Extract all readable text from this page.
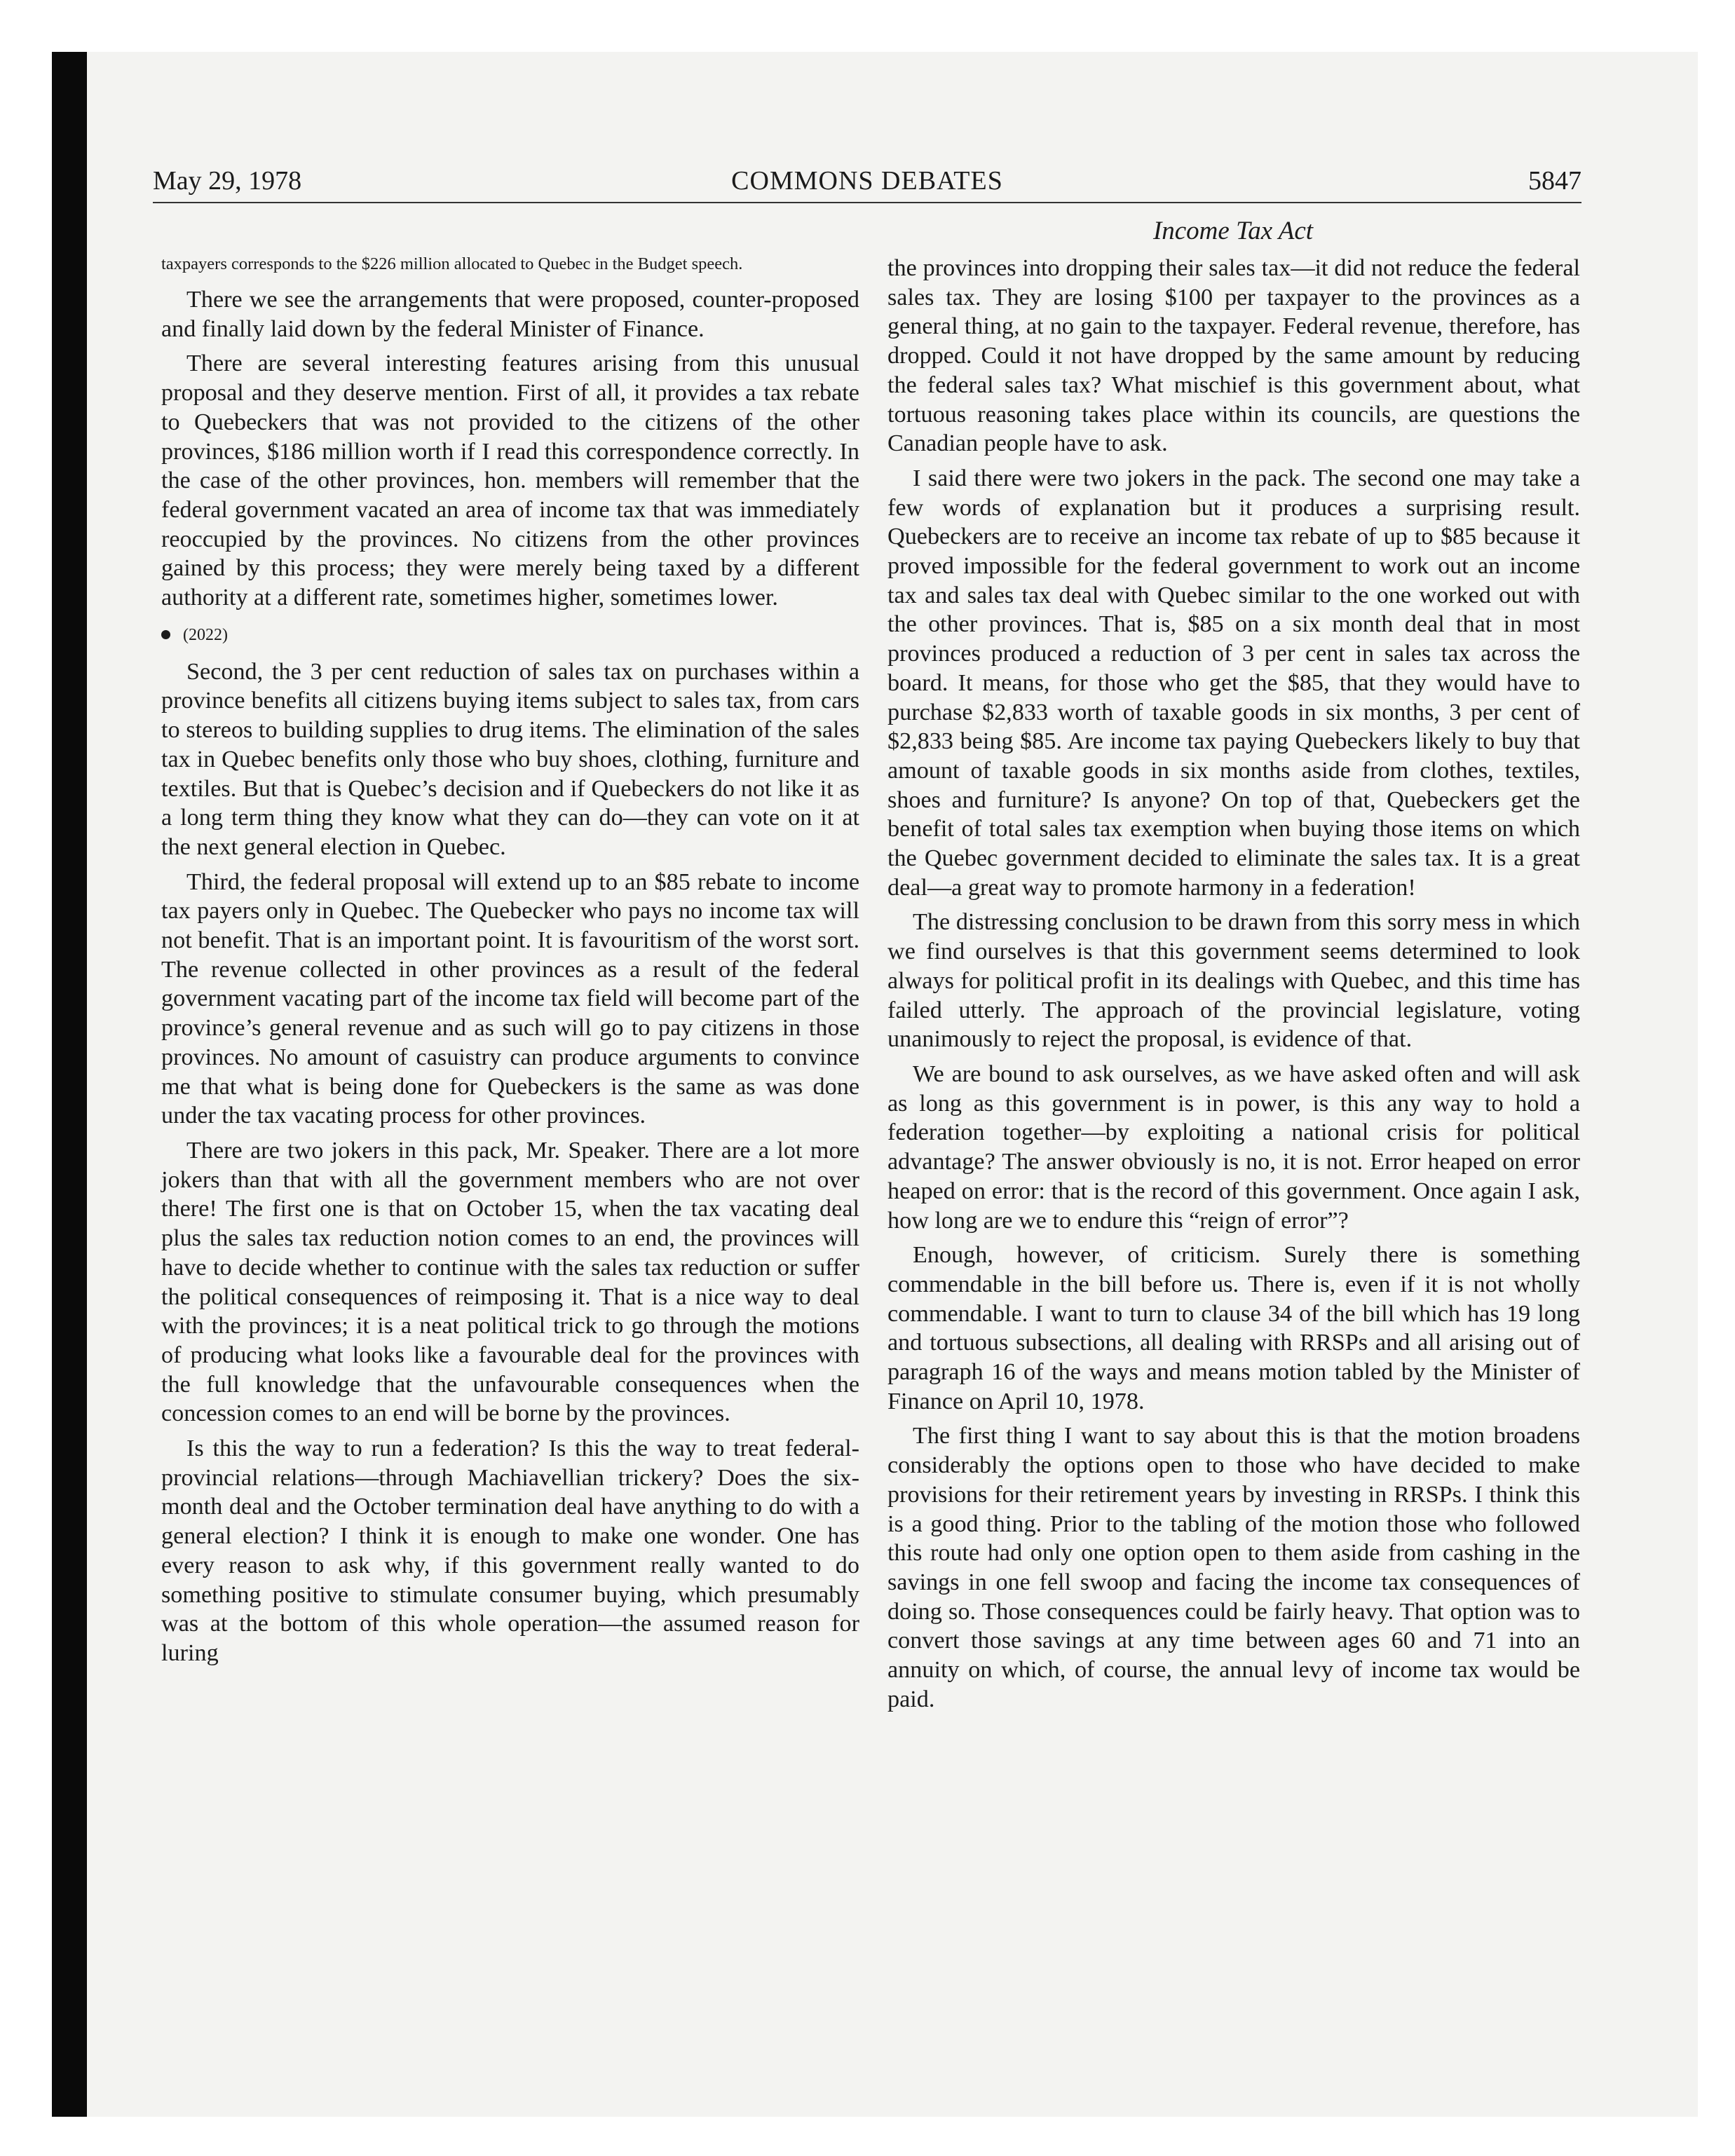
May 29, 1978	COMMONS DEBATES	5847
Income Tax Act

taxpayers corresponds to the $226 million allocated to Quebec in the Budget speech.

There we see the arrangements that were proposed, counter-proposed and finally laid down by the federal Minister of Finance.

There are several interesting features arising from this unusual proposal and they deserve mention. First of all, it provides a tax rebate to Quebeckers that was not provided to the citizens of the other provinces, $186 million worth if I read this correspondence correctly. In the case of the other provinces, hon. members will remember that the federal government vacated an area of income tax that was immediately reoccupied by the provinces. No citizens from the other provinces gained by this process; they were merely being taxed by a different authority at a different rate, sometimes higher, sometimes lower.

(2022)

Second, the 3 per cent reduction of sales tax on purchases within a province benefits all citizens buying items subject to sales tax, from cars to stereos to building supplies to drug items. The elimination of the sales tax in Quebec benefits only those who buy shoes, clothing, furniture and textiles. But that is Quebec’s decision and if Quebeckers do not like it as a long term thing they know what they can do—they can vote on it at the next general election in Quebec.

Third, the federal proposal will extend up to an $85 rebate to income tax payers only in Quebec. The Quebecker who pays no income tax will not benefit. That is an important point. It is favouritism of the worst sort. The revenue collected in other provinces as a result of the federal government vacating part of the income tax field will become part of the province’s general revenue and as such will go to pay citizens in those provinces. No amount of casuistry can produce arguments to convince me that what is being done for Quebeckers is the same as was done under the tax vacating process for other provinces.

There are two jokers in this pack, Mr. Speaker. There are a lot more jokers than that with all the government members who are not over there! The first one is that on October 15, when the tax vacating deal plus the sales tax reduction notion comes to an end, the provinces will have to decide whether to continue with the sales tax reduction or suffer the political consequences of reimposing it. That is a nice way to deal with the provinces; it is a neat political trick to go through the motions of producing what looks like a favourable deal for the provinces with the full knowledge that the unfavourable consequences when the concession comes to an end will be borne by the provinces.

Is this the way to run a federation? Is this the way to treat federal-provincial relations—through Machiavellian trickery? Does the six-month deal and the October termination deal have anything to do with a general election? I think it is enough to make one wonder. One has every reason to ask why, if this government really wanted to do something positive to stimulate consumer buying, which presumably was at the bottom of this whole operation—the assumed reason for luring

the provinces into dropping their sales tax—it did not reduce the federal sales tax. They are losing $100 per taxpayer to the provinces as a general thing, at no gain to the taxpayer. Federal revenue, therefore, has dropped. Could it not have dropped by the same amount by reducing the federal sales tax? What mischief is this government about, what tortuous reasoning takes place within its councils, are questions the Canadian people have to ask.

I said there were two jokers in the pack. The second one may take a few words of explanation but it produces a surprising result. Quebeckers are to receive an income tax rebate of up to $85 because it proved impossible for the federal government to work out an income tax and sales tax deal with Quebec similar to the one worked out with the other provinces. That is, $85 on a six month deal that in most provinces produced a reduction of 3 per cent in sales tax across the board. It means, for those who get the $85, that they would have to purchase $2,833 worth of taxable goods in six months, 3 per cent of $2,833 being $85. Are income tax paying Quebeckers likely to buy that amount of taxable goods in six months aside from clothes, textiles, shoes and furniture? Is anyone? On top of that, Quebeckers get the benefit of total sales tax exemption when buying those items on which the Quebec government decided to eliminate the sales tax. It is a great deal—a great way to promote harmony in a federation!

The distressing conclusion to be drawn from this sorry mess in which we find ourselves is that this government seems determined to look always for political profit in its dealings with Quebec, and this time has failed utterly. The approach of the provincial legislature, voting unanimously to reject the proposal, is evidence of that.

We are bound to ask ourselves, as we have asked often and will ask as long as this government is in power, is this any way to hold a federation together—by exploiting a national crisis for political advantage? The answer obviously is no, it is not. Error heaped on error heaped on error: that is the record of this government. Once again I ask, how long are we to endure this “reign of error”?

Enough, however, of criticism. Surely there is something commendable in the bill before us. There is, even if it is not wholly commendable. I want to turn to clause 34 of the bill which has 19 long and tortuous subsections, all dealing with RRSPs and all arising out of paragraph 16 of the ways and means motion tabled by the Minister of Finance on April 10, 1978.

The first thing I want to say about this is that the motion broadens considerably the options open to those who have decided to make provisions for their retirement years by investing in RRSPs. I think this is a good thing. Prior to the tabling of the motion those who followed this route had only one option open to them aside from cashing in the savings in one fell swoop and facing the income tax consequences of doing so. Those consequences could be fairly heavy. That option was to convert those savings at any time between ages 60 and 71 into an annuity on which, of course, the annual levy of income tax would be paid.
